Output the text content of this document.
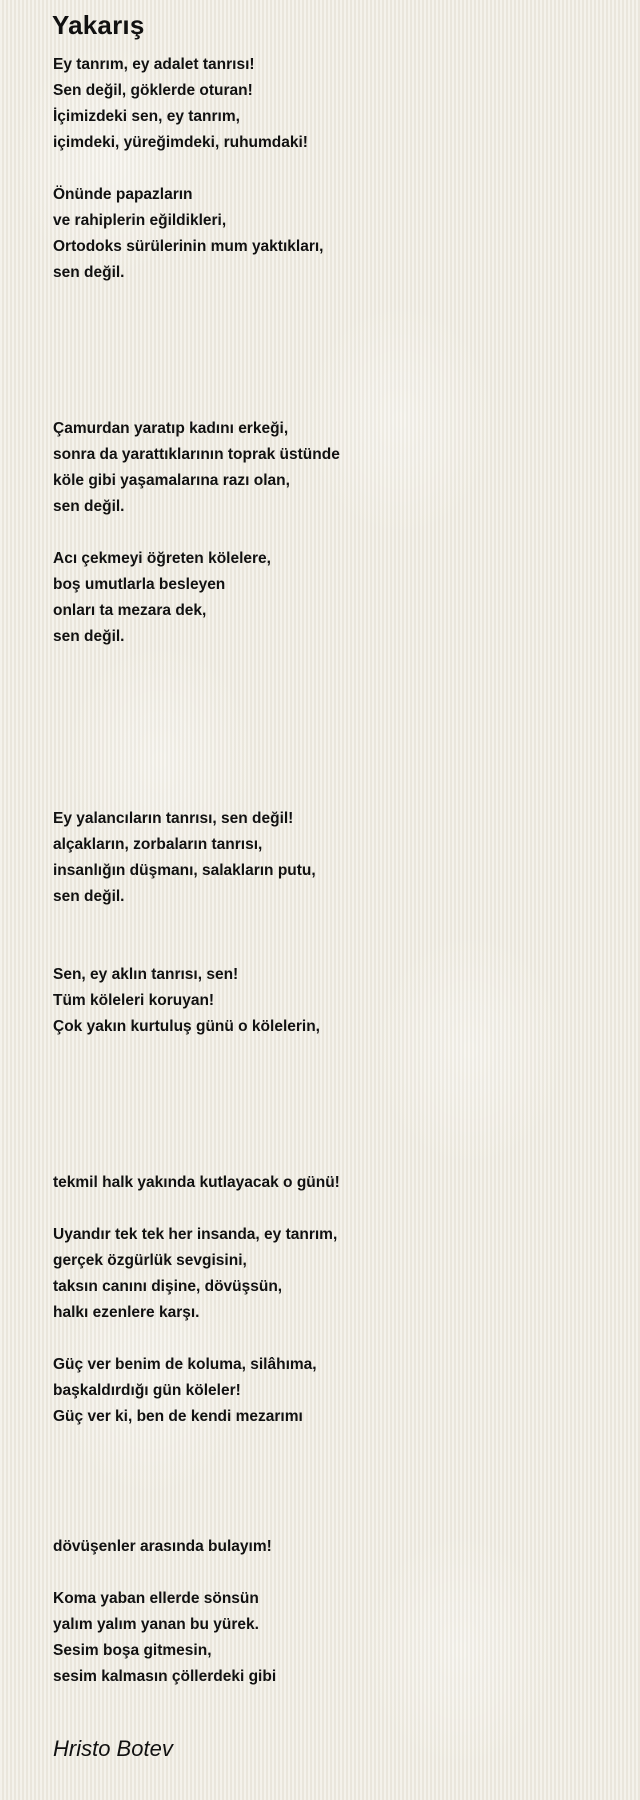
Yakarış
Ey tanrım, ey adalet tanrısı!
Sen değil, göklerde oturan!
İçimizdeki sen, ey tanrım,
içimdeki, yüreğimdeki, ruhumdaki!
Önünde papazların
ve rahiplerin eğildikleri,
Ortodoks sürülerinin mum yaktıkları,
sen değil.
Çamurdan yaratıp kadını erkeği,
sonra da yarattıklarının toprak üstünde
köle gibi yaşamalarına razı olan,
sen değil.
Acı çekmeyi öğreten kölelere,
boş umutlarla besleyen
onları ta mezara dek,
sen değil.
Ey yalancıların tanrısı, sen değil!
alçakların, zorbaların tanrısı,
insanlığın düşmanı, salakların putu,
sen değil.
Sen, ey aklın tanrısı, sen!
Tüm köleleri koruyan!
Çok yakın kurtuluş günü o kölelerin,
tekmil halk yakında kutlayacak o günü!
Uyandır tek tek her insanda, ey tanrım,
gerçek özgürlük sevgisini,
taksın canını dişine, dövüşsün,
halkı ezenlere karşı.
Güç ver benim de koluma, silâhıma,
başkaldırdığı gün köleler!
Güç ver ki, ben de kendi mezarımı
dövüşenler arasında bulayım!
Koma yaban ellerde sönsün
yalım yalım yanan bu yürek.
Sesim boşa gitmesin,
sesim kalmasın çöllerdeki gibi
Hristo Botev
